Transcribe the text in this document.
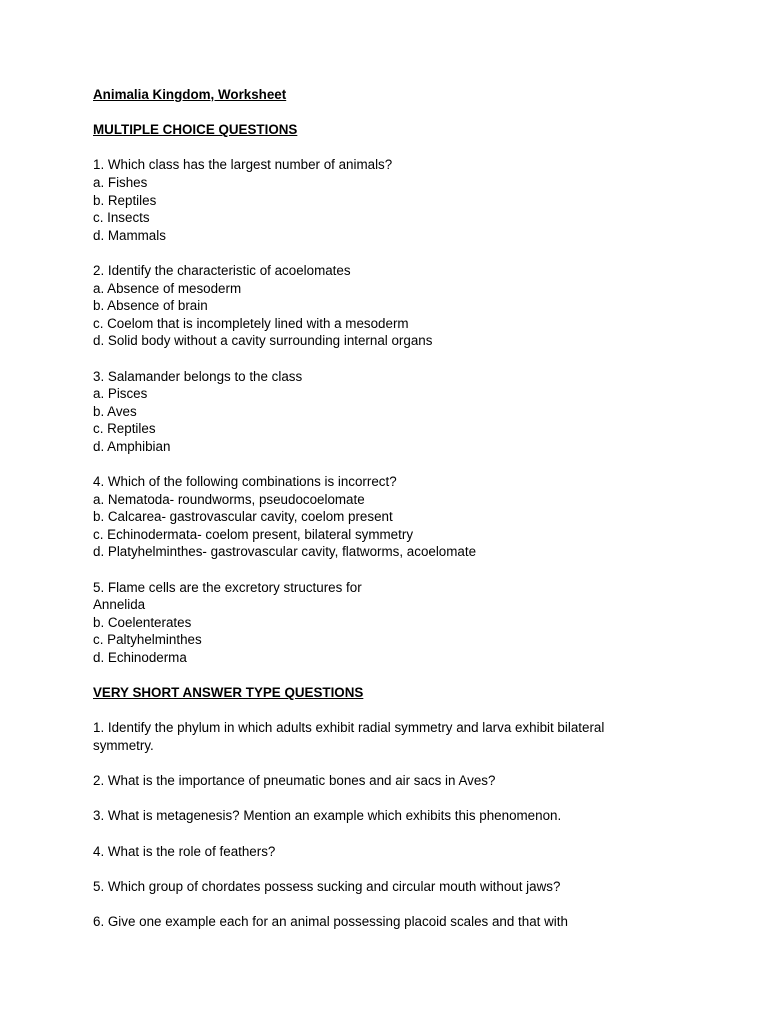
Animalia Kingdom, Worksheet

MULTIPLE CHOICE QUESTIONS

1. Which class has the largest number of animals?

a. Fishes

b. Reptiles

c. Insects

d. Mammals

2. Identify the characteristic of acoelomates

a. Absence of mesoderm

b. Absence of brain

c. Coelom that is incompletely lined with a mesoderm

d. Solid body without a cavity surrounding internal organs

3. Salamander belongs to the class

a. Pisces

b. Aves

c. Reptiles

d. Amphibian

4. Which of the following combinations is incorrect?

a. Nematoda- roundworms, pseudocoelomate

b. Calcarea- gastrovascular cavity, coelom present

c. Echinodermata- coelom present, bilateral symmetry

d. Platyhelminthes- gastrovascular cavity, flatworms, acoelomate

5. Flame cells are the excretory structures for

Annelida

b. Coelenterates

c. Paltyhelminthes

d. Echinoderma

VERY SHORT ANSWER TYPE QUESTIONS

1. Identify the phylum in which adults exhibit radial symmetry and larva exhibit bilateral symmetry.

2. What is the importance of pneumatic bones and air sacs in Aves?

3. What is metagenesis? Mention an example which exhibits this phenomenon.

4. What is the role of feathers?

5. Which group of chordates possess sucking and circular mouth without jaws?

6. Give one example each for an animal possessing placoid scales and that with
